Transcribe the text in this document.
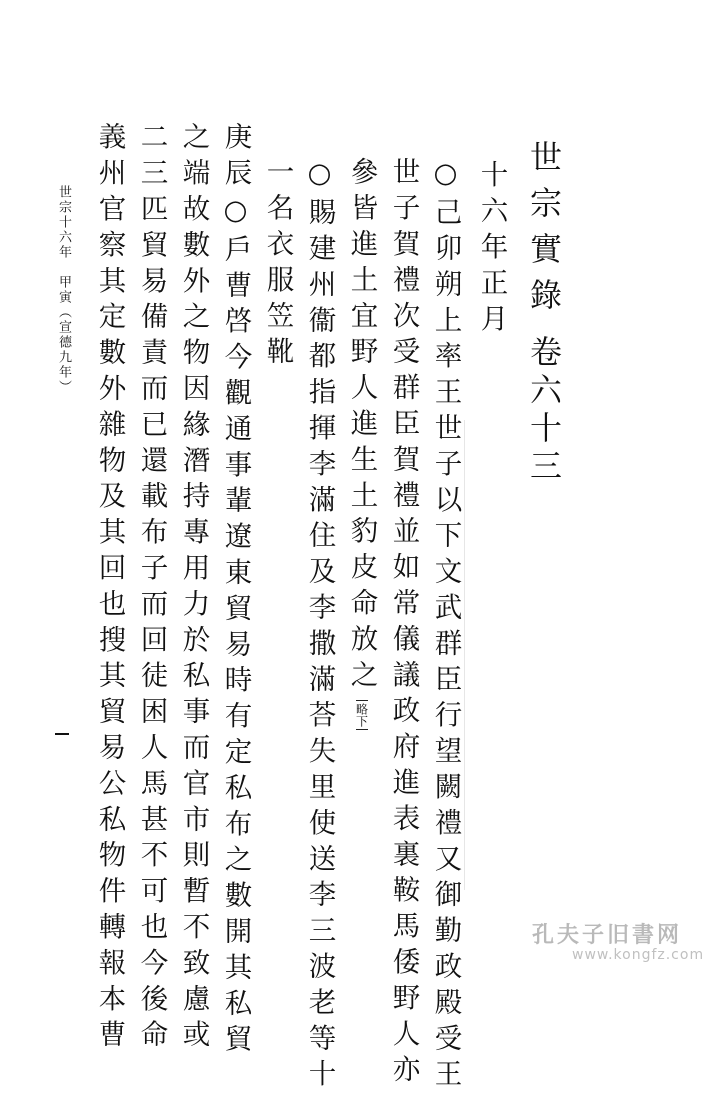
世宗實錄
卷六十三
十六年正月
○己卯朔上率王世子以下文武群臣行望闕禮又御勤政殿受王
世子賀禮次受群臣賀禮並如常儀議政府進表裏鞍馬倭野人亦
參皆進土宜野人進生土豹皮命放之略下
○賜建州衞都指揮李滿住及李撒滿荅失里使送李三波老等十
一名衣服笠靴
庚辰○戶曹啓今觀通事輩遼東貿易時有定私布之數開其私貿
之端故數外之物因緣潛持專用力於私事而官市則暫不致慮或
二三匹貿易備責而已還載布子而回徒困人馬甚不可也今後命
義州官察其定數外雜物及其回也搜其貿易公私物件轉報本曹
世宗十六年　甲寅（宣德九年）
孔夫子旧書网
www.kongfz.com
